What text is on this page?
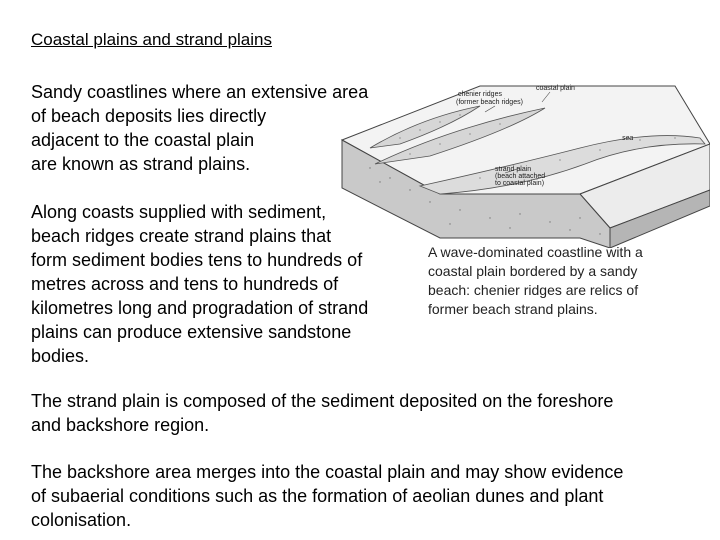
Coastal plains and strand plains
Sandy coastlines where an extensive area
of beach deposits lies directly
adjacent to the coastal plain
are known as strand plains.
chenier ridges
(former beach ridges)
coastal plain
sea
strand plain
(beach attached
to coastal plain)
Along coasts supplied with sediment,
beach ridges create strand plains that
form sediment bodies tens to hundreds of
metres across and tens to hundreds of
kilometres long and progradation of strand
plains can produce extensive sandstone
bodies.
A wave-dominated coastline with a
coastal plain bordered by a sandy
beach: chenier ridges are relics of
former beach strand plains.
The strand plain is composed of the sediment deposited on the foreshore
and backshore region.
The backshore area merges into the coastal plain and may show evidence
of subaerial conditions such as the formation of aeolian dunes and plant
colonisation.
